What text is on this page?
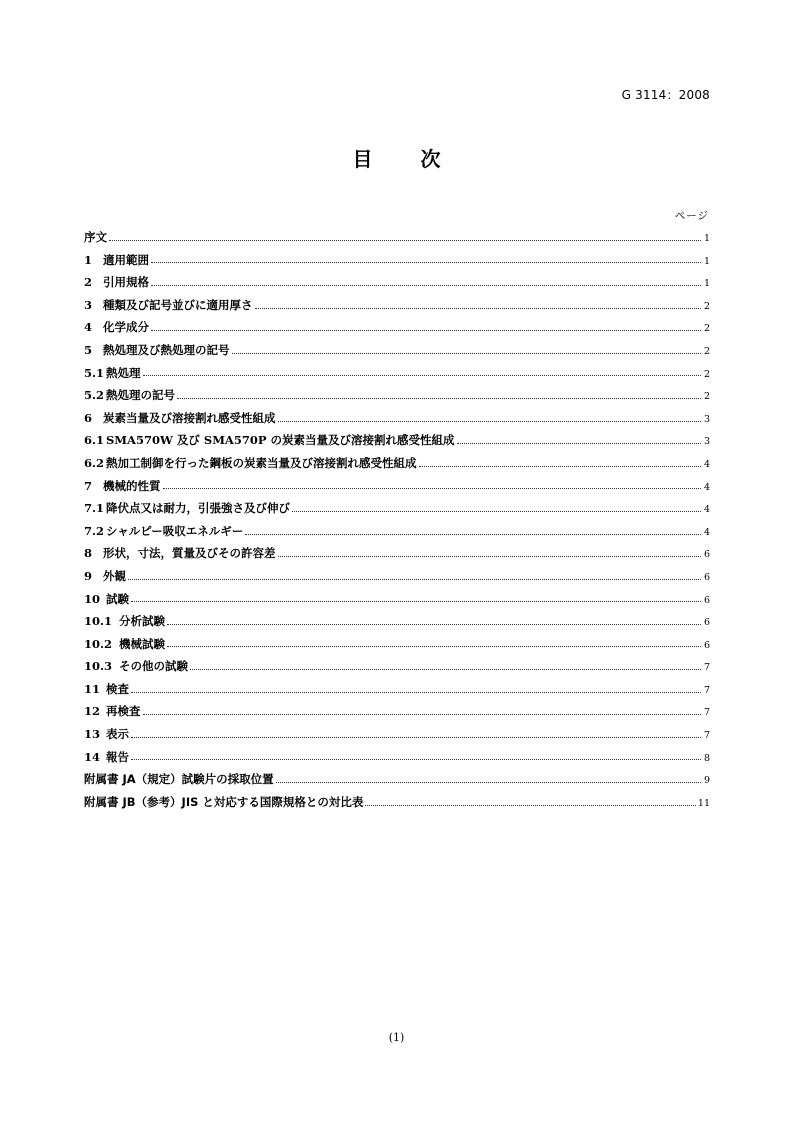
G 3114：2008
目　次
ページ
序文	1
1 適用範囲	1
2 引用規格	1
3 種類及び記号並びに適用厚さ	2
4 化学成分	2
5 熱処理及び熱処理の記号	2
5.1 熱処理	2
5.2 熱処理の記号	2
6 炭素当量及び溶接割れ感受性組成	3
6.1 SMA570W 及び SMA570P の炭素当量及び溶接割れ感受性組成	3
6.2 熱加工制御を行った鋼板の炭素当量及び溶接割れ感受性組成	4
7 機械的性質	4
7.1 降伏点又は耐力，引張強さ及び伸び	4
7.2 シャルピー吸収エネルギー	4
8 形状，寸法，質量及びその許容差	6
9 外観	6
10 試験	6
10.1 分析試験	6
10.2 機械試験	6
10.3 その他の試験	7
11 検査	7
12 再検査	7
13 表示	7
14 報告	8
附属書 JA（規定）試験片の採取位置	9
附属書 JB（参考）JIS と対応する国際規格との対比表	11
(1)
